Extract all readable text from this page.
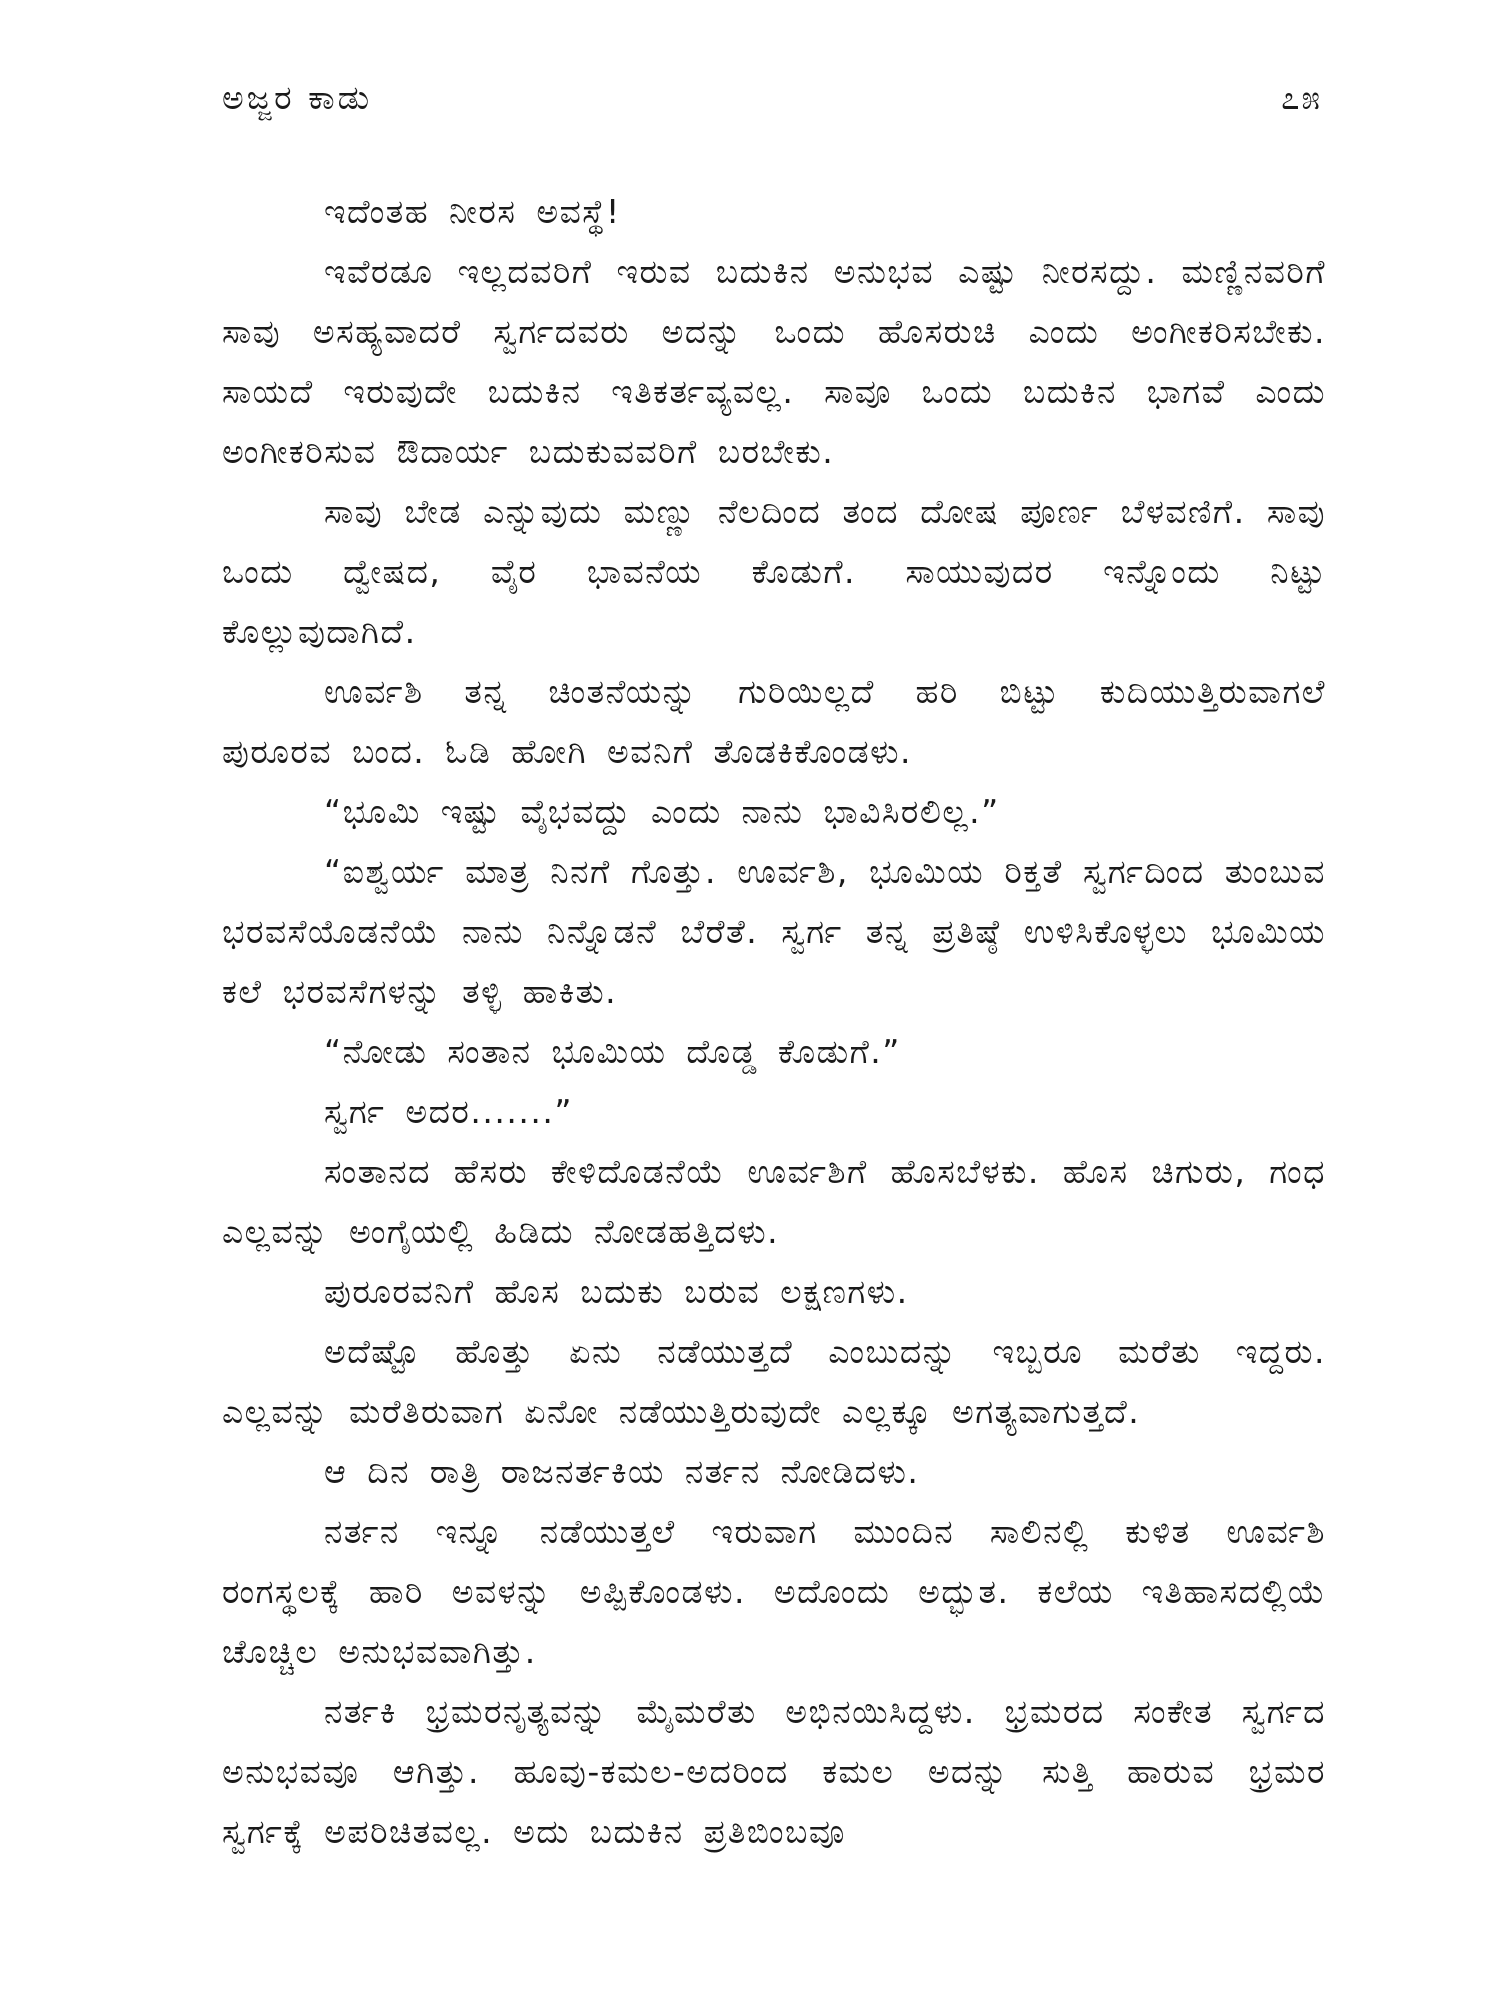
ಅಜ್ಜರ ಕಾಡು	೭೫

ಇದೆಂತಹ ನೀರಸ ಅವಸ್ಥೆ!

ಇವೆರಡೂ ಇಲ್ಲದವರಿಗೆ ಇರುವ ಬದುಕಿನ ಅನುಭವ ಎಷ್ಟು ನೀರಸದ್ದು. ಮಣ್ಣಿನವರಿಗೆ ಸಾವು ಅಸಹ್ಯವಾದರೆ ಸ್ವರ್ಗದವರು ಅದನ್ನು ಒಂದು ಹೊಸರುಚಿ ಎಂದು ಅಂಗೀಕರಿಸಬೇಕು. ಸಾಯದೆ ಇರುವುದೇ ಬದುಕಿನ ಇತಿಕರ್ತವ್ಯವಲ್ಲ. ಸಾವೂ ಒಂದು ಬದುಕಿನ ಭಾಗವೆ ಎಂದು ಅಂಗೀಕರಿಸುವ ಔದಾರ್ಯ ಬದುಕುವವರಿಗೆ ಬರಬೇಕು.

ಸಾವು ಬೇಡ ಎನ್ನುವುದು ಮಣ್ಣು ನೆಲದಿಂದ ತಂದ ದೋಷ ಪೂರ್ಣ ಬೆಳವಣಿಗೆ. ಸಾವು ಒಂದು ದ್ವೇಷದ, ವೈರ ಭಾವನೆಯ ಕೊಡುಗೆ. ಸಾಯುವುದರ ಇನ್ನೊಂದು ನಿಟ್ಟು ಕೊಲ್ಲುವುದಾಗಿದೆ.

ಊರ್ವಶಿ ತನ್ನ ಚಿಂತನೆಯನ್ನು ಗುರಿಯಿಲ್ಲದೆ ಹರಿ ಬಿಟ್ಟು ಕುದಿಯುತ್ತಿರುವಾಗಲೆ ಪುರೂರವ ಬಂದ. ಓಡಿ ಹೋಗಿ ಅವನಿಗೆ ತೊಡಕಿಕೊಂಡಳು.

“ಭೂಮಿ ಇಷ್ಟು ವೈಭವದ್ದು ಎಂದು ನಾನು ಭಾವಿಸಿರಲಿಲ್ಲ.”

“ಐಶ್ವರ್ಯ ಮಾತ್ರ ನಿನಗೆ ಗೊತ್ತು. ಊರ್ವಶಿ, ಭೂಮಿಯ ರಿಕ್ತತೆ ಸ್ವರ್ಗದಿಂದ ತುಂಬುವ ಭರವಸೆಯೊಡನೆಯೆ ನಾನು ನಿನ್ನೊಡನೆ ಬೆರೆತೆ. ಸ್ವರ್ಗ ತನ್ನ ಪ್ರತಿಷ್ಠೆ ಉಳಿಸಿಕೊಳ್ಳಲು ಭೂಮಿಯ ಕಲೆ ಭರವಸೆಗಳನ್ನು ತಳ್ಳಿ ಹಾಕಿತು.

“ನೋಡು ಸಂತಾನ ಭೂಮಿಯ ದೊಡ್ಡ ಕೊಡುಗೆ.”

ಸ್ವರ್ಗ ಅದರ.......”

ಸಂತಾನದ ಹೆಸರು ಕೇಳಿದೊಡನೆಯೆ ಊರ್ವಶಿಗೆ ಹೊಸಬೆಳಕು. ಹೊಸ ಚಿಗುರು, ಗಂಧ ಎಲ್ಲವನ್ನು ಅಂಗೈಯಲ್ಲಿ ಹಿಡಿದು ನೋಡಹತ್ತಿದಳು.

ಪುರೂರವನಿಗೆ ಹೊಸ ಬದುಕು ಬರುವ ಲಕ್ಷಣಗಳು.

ಅದೆಷ್ಟೊ ಹೊತ್ತು ಏನು ನಡೆಯುತ್ತದೆ ಎಂಬುದನ್ನು ಇಬ್ಬರೂ ಮರೆತು ಇದ್ದರು. ಎಲ್ಲವನ್ನು ಮರೆತಿರುವಾಗ ಏನೋ ನಡೆಯುತ್ತಿರುವುದೇ ಎಲ್ಲಕ್ಕೂ ಅಗತ್ಯವಾಗುತ್ತದೆ.

ಆ ದಿನ ರಾತ್ರಿ ರಾಜನರ್ತಕಿಯ ನರ್ತನ ನೋಡಿದಳು.

ನರ್ತನ ಇನ್ನೂ ನಡೆಯುತ್ತಲೆ ಇರುವಾಗ ಮುಂದಿನ ಸಾಲಿನಲ್ಲಿ ಕುಳಿತ ಊರ್ವಶಿ ರಂಗಸ್ಥಲಕ್ಕೆ ಹಾರಿ ಅವಳನ್ನು ಅಪ್ಪಿಕೊಂಡಳು. ಅದೊಂದು ಅದ್ಭುತ. ಕಲೆಯ ಇತಿಹಾಸದಲ್ಲಿಯೆ ಚೊಚ್ಚಿಲ ಅನುಭವವಾಗಿತ್ತು.

ನರ್ತಕಿ ಭ್ರಮರನೃತ್ಯವನ್ನು ಮೈಮರೆತು ಅಭಿನಯಿಸಿದ್ದಳು. ಭ್ರಮರದ ಸಂಕೇತ ಸ್ವರ್ಗದ ಅನುಭವವೂ ಆಗಿತ್ತು. ಹೂವು-ಕಮಲ-ಅದರಿಂದ ಕಮಲ ಅದನ್ನು ಸುತ್ತಿ ಹಾರುವ ಭ್ರಮರ ಸ್ವರ್ಗಕ್ಕೆ ಅಪರಿಚಿತವಲ್ಲ. ಅದು ಬದುಕಿನ ಪ್ರತಿಬಿಂಬವೂ
